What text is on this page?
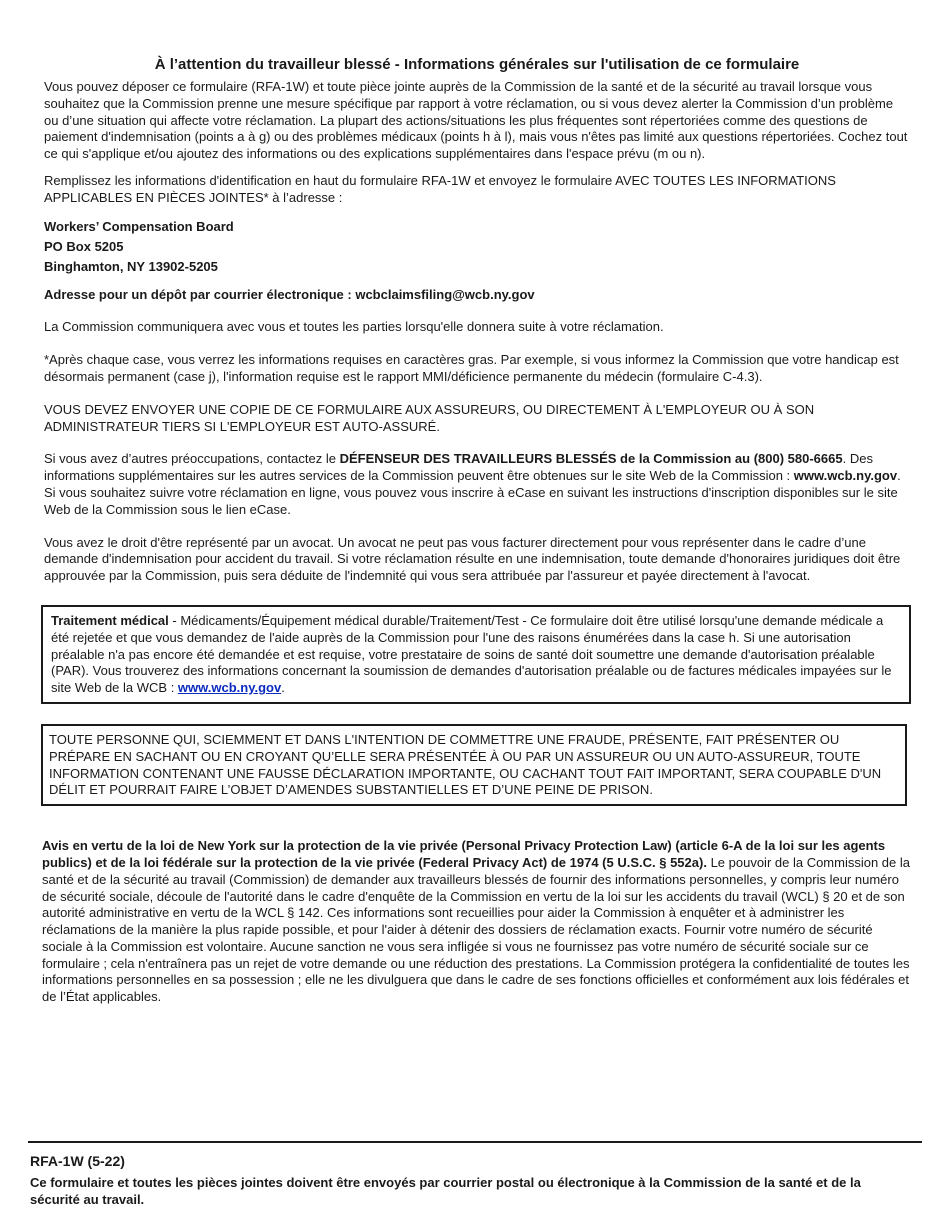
À l’attention du travailleur blessé - Informations générales sur l'utilisation de ce formulaire

Vous pouvez déposer ce formulaire (RFA-1W) et toute pièce jointe auprès de la Commission de la santé et de la sécurité au travail lorsque vous souhaitez que la Commission prenne une mesure spécifique par rapport à votre réclamation, ou si vous devez alerter la Commission d’un problème ou d’une situation qui affecte votre réclamation. La plupart des actions/situations les plus fréquentes sont répertoriées comme des questions de paiement d'indemnisation (points a à g) ou des problèmes médicaux (points h à l), mais vous n'êtes pas limité aux questions répertoriées. Cochez tout ce qui s'applique et/ou ajoutez des informations ou des explications supplémentaires dans l'espace prévu (m ou n).

Remplissez les informations d'identification en haut du formulaire RFA-1W et envoyez le formulaire AVEC TOUTES LES INFORMATIONS APPLICABLES EN PIÈCES JOINTES* à l’adresse :

Workers’ Compensation Board
PO Box 5205
Binghamton, NY 13902-5205

Adresse pour un dépôt par courrier électronique : wcbclaimsfiling@wcb.ny.gov

La Commission communiquera avec vous et toutes les parties lorsqu'elle donnera suite à votre réclamation.

*Après chaque case, vous verrez les informations requises en caractères gras. Par exemple, si vous informez la Commission que votre handicap est désormais permanent (case j), l'information requise est le rapport MMI/déficience permanente du médecin (formulaire C-4.3).

VOUS DEVEZ ENVOYER UNE COPIE DE CE FORMULAIRE AUX ASSUREURS, OU DIRECTEMENT À L'EMPLOYEUR OU À SON ADMINISTRATEUR TIERS SI L'EMPLOYEUR EST AUTO-ASSURÉ.

Si vous avez d’autres préoccupations, contactez le DÉFENSEUR DES TRAVAILLEURS BLESSÉS de la Commission au (800) 580-6665. Des informations supplémentaires sur les autres services de la Commission peuvent être obtenues sur le site Web de la Commission : www.wcb.ny.gov. Si vous souhaitez suivre votre réclamation en ligne, vous pouvez vous inscrire à eCase en suivant les instructions d'inscription disponibles sur le site Web de la Commission sous le lien eCase.

Vous avez le droit d'être représenté par un avocat. Un avocat ne peut pas vous facturer directement pour vous représenter dans le cadre d’une demande d'indemnisation pour accident du travail. Si votre réclamation résulte en une indemnisation, toute demande d'honoraires juridiques doit être approuvée par la Commission, puis sera déduite de l'indemnité qui vous sera attribuée par l'assureur et payée directement à l'avocat.

Traitement médical - Médicaments/Équipement médical durable/Traitement/Test - Ce formulaire doit être utilisé lorsqu'une demande médicale a été rejetée et que vous demandez de l'aide auprès de la Commission pour l'une des raisons énumérées dans la case h. Si une autorisation préalable n'a pas encore été demandée et est requise, votre prestataire de soins de santé doit soumettre une demande d'autorisation préalable (PAR). Vous trouverez des informations concernant la soumission de demandes d'autorisation préalable ou de factures médicales impayées sur le site Web de la WCB : www.wcb.ny.gov.

TOUTE PERSONNE QUI, SCIEMMENT ET DANS L'INTENTION DE COMMETTRE UNE FRAUDE, PRÉSENTE, FAIT PRÉSENTER OU PRÉPARE EN SACHANT OU EN CROYANT QU’ELLE SERA PRÉSENTÉE À OU PAR UN ASSUREUR OU UN AUTO-ASSUREUR, TOUTE INFORMATION CONTENANT UNE FAUSSE DÉCLARATION IMPORTANTE, OU CACHANT TOUT FAIT IMPORTANT, SERA COUPABLE D'UN DÉLIT ET POURRAIT FAIRE L’OBJET D’AMENDES SUBSTANTIELLES ET D’UNE PEINE DE PRISON.

Avis en vertu de la loi de New York sur la protection de la vie privée (Personal Privacy Protection Law) (article 6-A de la loi sur les agents publics) et de la loi fédérale sur la protection de la vie privée (Federal Privacy Act) de 1974 (5 U.S.C. § 552a). Le pouvoir de la Commission de la santé et de la sécurité au travail (Commission) de demander aux travailleurs blessés de fournir des informations personnelles, y compris leur numéro de sécurité sociale, découle de l'autorité dans le cadre d'enquête de la Commission en vertu de la loi sur les accidents du travail (WCL) § 20 et de son autorité administrative en vertu de la WCL § 142. Ces informations sont recueillies pour aider la Commission à enquêter et à administrer les réclamations de la manière la plus rapide possible, et pour l'aider à détenir des dossiers de réclamation exacts. Fournir votre numéro de sécurité sociale à la Commission est volontaire. Aucune sanction ne vous sera infligée si vous ne fournissez pas votre numéro de sécurité sociale sur ce formulaire ; cela n'entraînera pas un rejet de votre demande ou une réduction des prestations. La Commission protégera la confidentialité de toutes les informations personnelles en sa possession ; elle ne les divulguera que dans le cadre de ses fonctions officielles et conformément aux lois fédérales et de l’État applicables.

RFA-1W (5-22)
Ce formulaire et toutes les pièces jointes doivent être envoyés par courrier postal ou électronique à la Commission de la santé et de la sécurité au travail.
